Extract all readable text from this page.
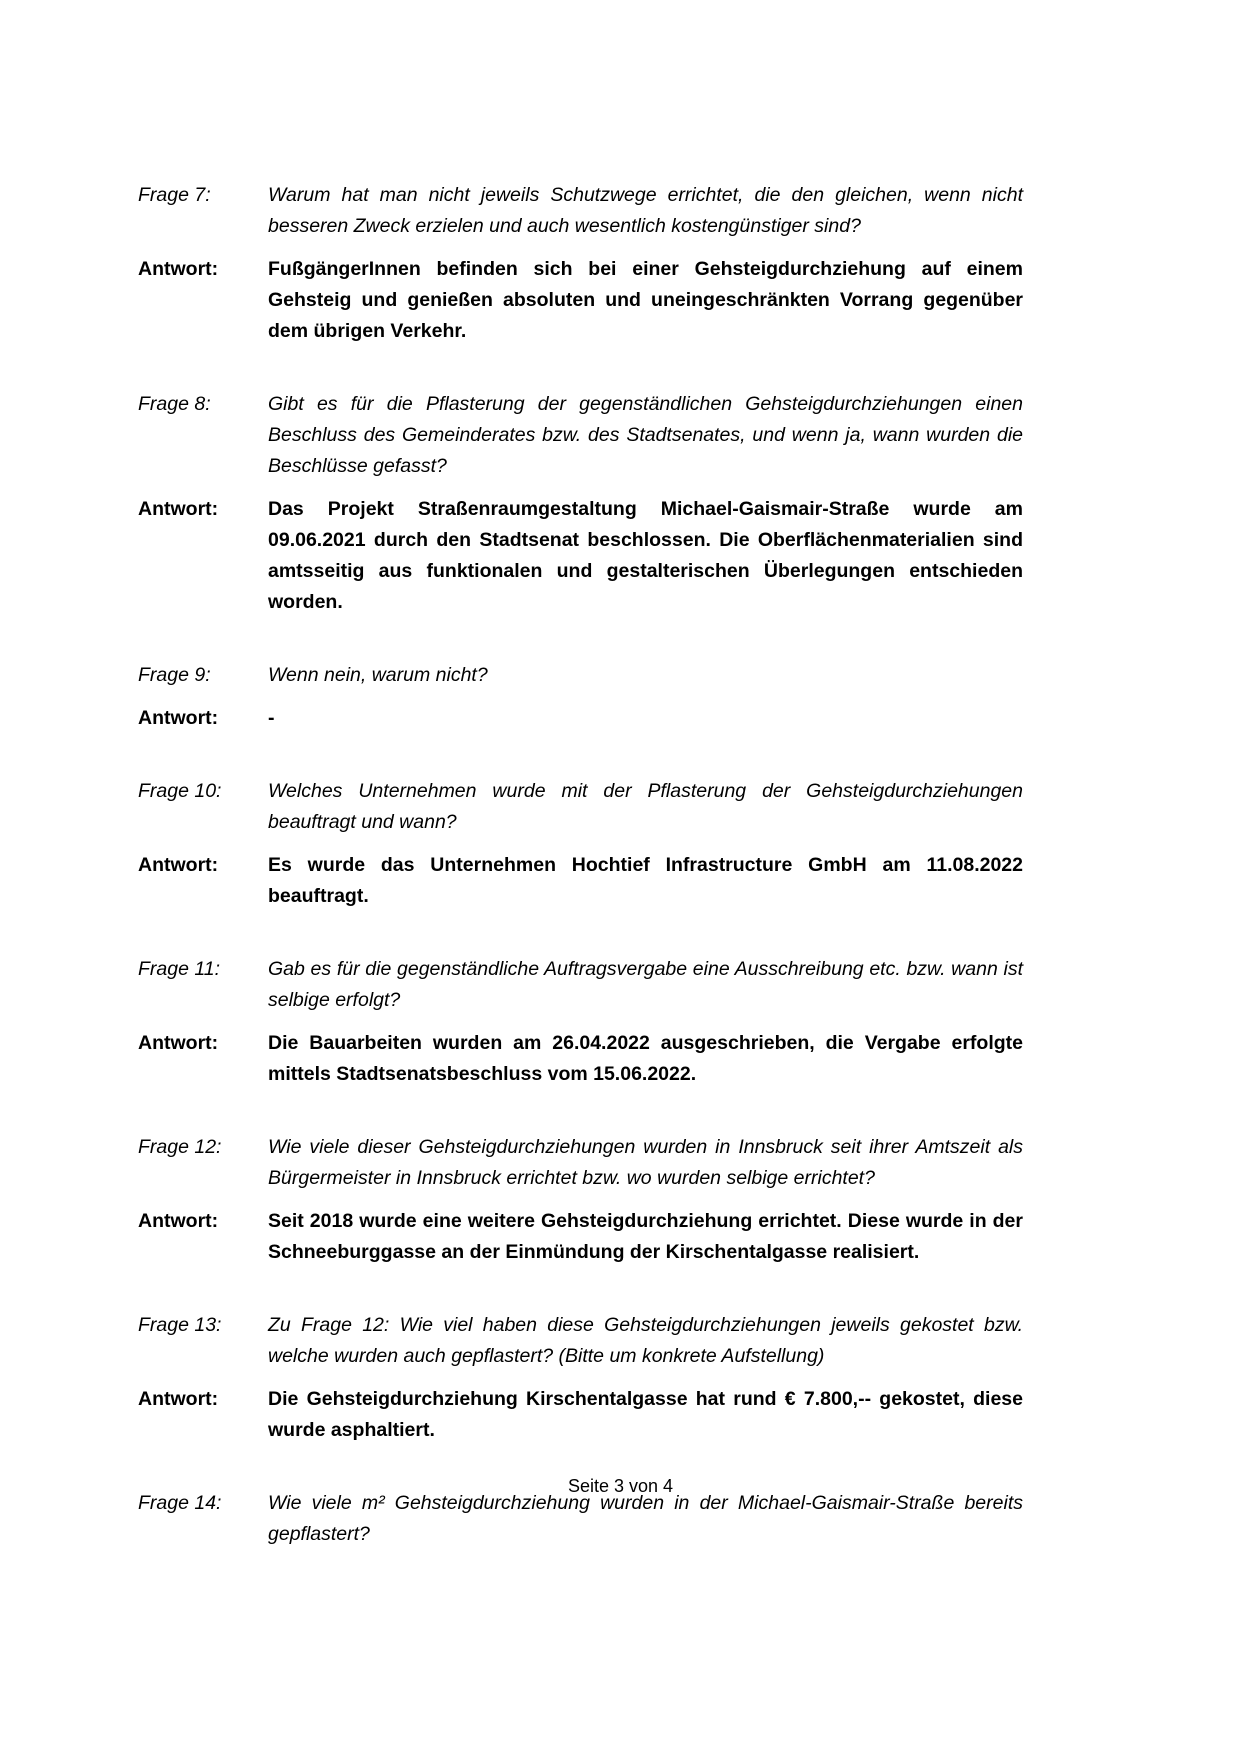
Frage 7:	Warum hat man nicht jeweils Schutzwege errichtet, die den gleichen, wenn nicht besseren Zweck erzielen und auch wesentlich kostengünstiger sind?
Antwort:	FußgängerInnen befinden sich bei einer Gehsteigdurchziehung auf einem Gehsteig und genießen absoluten und uneingeschränkten Vorrang gegenüber dem übrigen Verkehr.
Frage 8:	Gibt es für die Pflasterung der gegenständlichen Gehsteigdurchziehungen einen Beschluss des Gemeinderates bzw. des Stadtsenates, und wenn ja, wann wurden die Beschlüsse gefasst?
Antwort:	Das Projekt Straßenraumgestaltung Michael-Gaismair-Straße wurde am 09.06.2021 durch den Stadtsenat beschlossen. Die Oberflächenmaterialien sind amtsseitig aus funktionalen und gestalterischen Überlegungen entschieden worden.
Frage 9:	Wenn nein, warum nicht?
Antwort:	-
Frage 10:	Welches Unternehmen wurde mit der Pflasterung der Gehsteigdurchziehungen beauftragt und wann?
Antwort:	Es wurde das Unternehmen Hochtief Infrastructure GmbH am 11.08.2022 beauftragt.
Frage 11:	Gab es für die gegenständliche Auftragsvergabe eine Ausschreibung etc. bzw. wann ist selbige erfolgt?
Antwort:	Die Bauarbeiten wurden am 26.04.2022 ausgeschrieben, die Vergabe erfolgte mittels Stadtsenatsbeschluss vom 15.06.2022.
Frage 12:	Wie viele dieser Gehsteigdurchziehungen wurden in Innsbruck seit ihrer Amtszeit als Bürgermeister in Innsbruck errichtet bzw. wo wurden selbige errichtet?
Antwort:	Seit 2018 wurde eine weitere Gehsteigdurchziehung errichtet. Diese wurde in der Schneeburggasse an der Einmündung der Kirschentalgasse realisiert.
Frage 13:	Zu Frage 12: Wie viel haben diese Gehsteigdurchziehungen jeweils gekostet bzw. welche wurden auch gepflastert? (Bitte um konkrete Aufstellung)
Antwort:	Die Gehsteigdurchziehung Kirschentalgasse hat rund € 7.800,-- gekostet, diese wurde asphaltiert.
Frage 14:	Wie viele m² Gehsteigdurchziehung wurden in der Michael-Gaismair-Straße bereits gepflastert?
Seite 3 von 4
